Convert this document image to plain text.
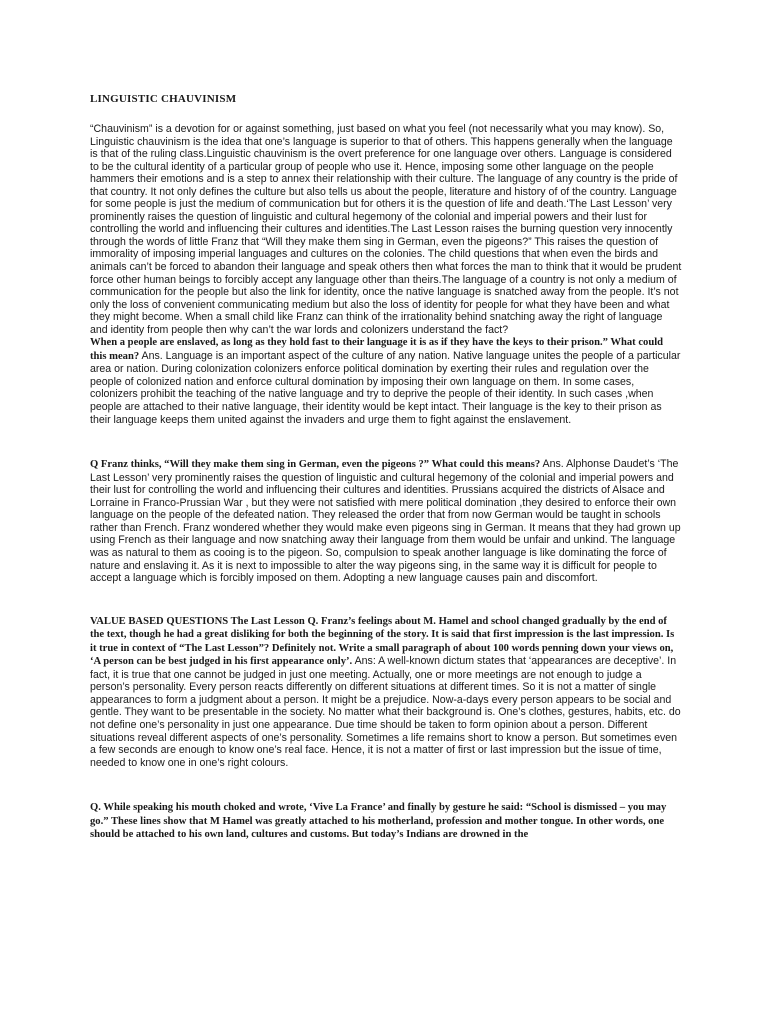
LINGUISTIC CHAUVINISM

“Chauvinism” is a devotion for or against something, just based on what you feel (not necessarily what you may know). So, Linguistic chauvinism is the idea that one’s language is superior to that of others. This happens generally when the language is that of the ruling class.Linguistic chauvinism is the overt preference for one language over others. Language is considered to be the cultural identity of a particular group of people who use it. Hence, imposing some other language on the people hammers their emotions and is a step to annex their relationship with their culture. The language of any country is the pride of that country. It not only defines the culture but also tells us about the people, literature and history of of the country. Language for some people is just the medium of communication but for others it is the question of life and death.‘The Last Lesson’ very prominently raises the question of linguistic and cultural hegemony of the colonial and imperial powers and their lust for controlling the world and influencing their cultures and identities.The Last Lesson raises the burning question very innocently through the words of little Franz that “Will they make them sing in German, even the pigeons?” This raises the question of immorality of imposing imperial languages and cultures on the colonies. The child questions that when even the birds and animals can’t be forced to abandon their language and speak others then what forces the man to think that it would be prudent force other human beings to forcibly accept any language other than theirs.The language of a country is not only a medium of communication for the people but also the link for identity, once the native language is snatched away from the people. It’s not only the loss of convenient communicating medium but also the loss of identity for people for what they have been and what they might become. When a small child like Franz can think of the irrationality behind snatching away the right of language and identity from people then why can’t the war lords and colonizers understand the fact?
When a people are enslaved, as long as they hold fast to their language it is as if they have the keys to their prison.” What could this mean? Ans. Language is an important aspect of the culture of any nation. Native language unites the people of a particular area or nation. During colonization colonizers enforce political domination by exerting their rules and regulation over the people of colonized nation and enforce cultural domination by imposing their own language on them. In some cases, colonizers prohibit the teaching of the native language and try to deprive the people of their identity. In such cases ,when people are attached to their native language, their identity would be kept intact. Their language is the key to their prison as their language keeps them united against the invaders and urge them to fight against the enslavement.

Q Franz thinks, “Will they make them sing in German, even the pigeons ?” What could this means? Ans. Alphonse Daudet’s ‘The Last Lesson’ very prominently raises the question of linguistic and cultural hegemony of the colonial and imperial powers and their lust for controlling the world and influencing their cultures and identities. Prussians acquired the districts of Alsace and Lorraine in Franco-Prussian War , but they were not satisfied with mere political domination ,they desired to enforce their own language on the people of the defeated nation. They released the order that from now German would be taught in schools rather than French. Franz wondered whether they would make even pigeons sing in German. It means that they had grown up using French as their language and now snatching away their language from them would be unfair and unkind. The language was as natural to them as cooing is to the pigeon. So, compulsion to speak another language is like dominating the force of nature and enslaving it. As it is next to impossible to alter the way pigeons sing, in the same way it is difficult for people to accept a language which is forcibly imposed on them. Adopting a new language causes pain and discomfort.

VALUE BASED QUESTIONS The Last Lesson Q. Franz’s feelings about M. Hamel and school changed gradually by the end of the text, though he had a great disliking for both the beginning of the story. It is said that first impression is the last impression. Is it true in context of “The Last Lesson”? Definitely not. Write a small paragraph of about 100 words penning down your views on, ‘A person can be best judged in his first appearance only’. Ans: A well-known dictum states that ‘appearances are deceptive’. In fact, it is true that one cannot be judged in just one meeting. Actually, one or more meetings are not enough to judge a person’s personality. Every person reacts differently on different situations at different times. So it is not a matter of single appearances to form a judgment about a person. It might be a prejudice. Now-a-days every person appears to be social and gentle. They want to be presentable in the society. No matter what their background is. One’s clothes, gestures, habits, etc. do not define one’s personality in just one appearance. Due time should be taken to form opinion about a person. Different situations reveal different aspects of one’s personality. Sometimes a life remains short to know a person. But sometimes even a few seconds are enough to know one’s real face. Hence, it is not a matter of first or last impression but the issue of time, needed to know one in one’s right colours.

Q. While speaking his mouth choked and wrote, ‘Vive La France’ and finally by gesture he said: “School is dismissed – you may go.” These lines show that M Hamel was greatly attached to his motherland, profession and mother tongue. In other words, one should be attached to his own land, cultures and customs. But today’s Indians are drowned in the
